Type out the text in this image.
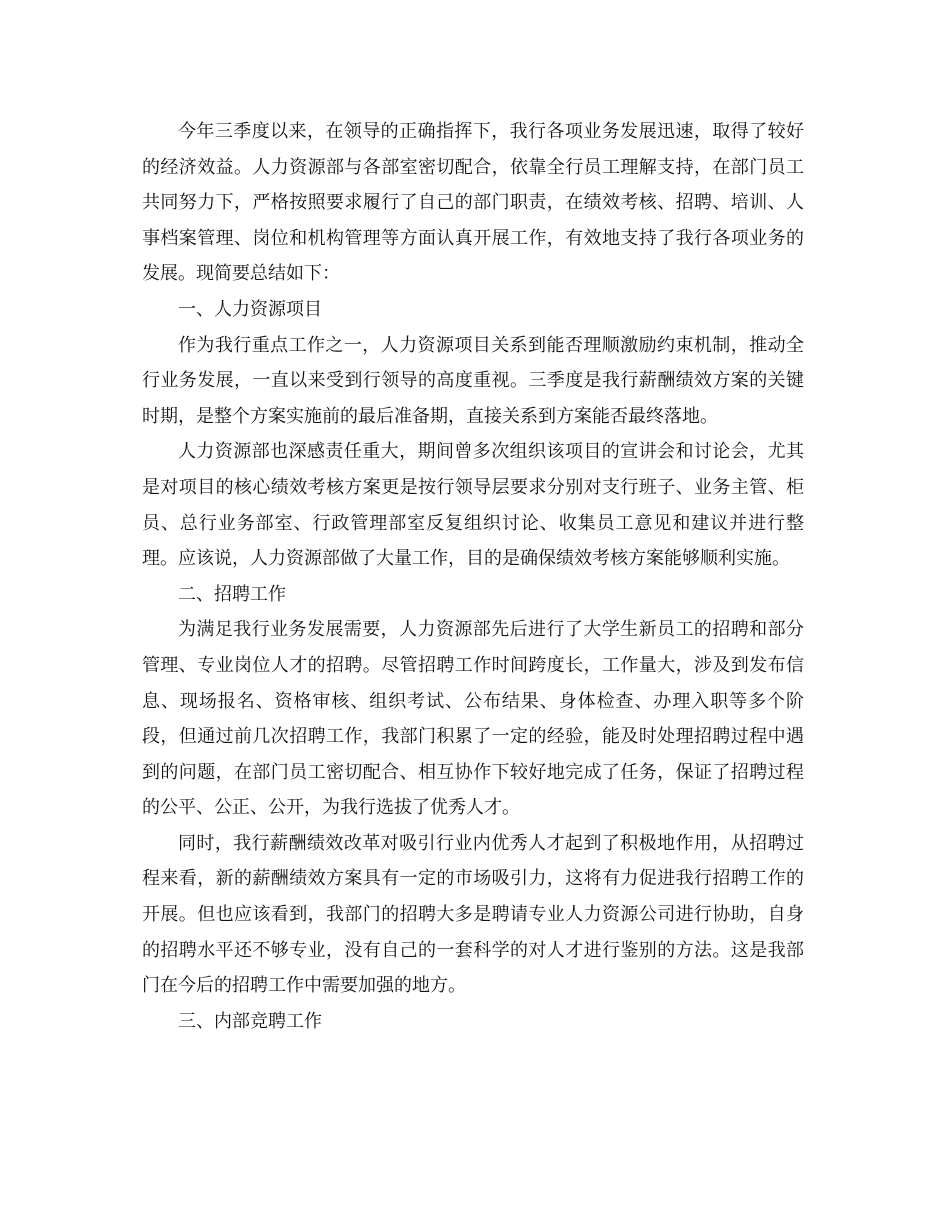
今年三季度以来，在领导的正确指挥下，我行各项业务发展迅速，取得了较好的经济效益。人力资源部与各部室密切配合，依靠全行员工理解支持，在部门员工共同努力下，严格按照要求履行了自己的部门职责，在绩效考核、招聘、培训、人事档案管理、岗位和机构管理等方面认真开展工作，有效地支持了我行各项业务的发展。现简要总结如下：

一、人力资源项目

作为我行重点工作之一，人力资源项目关系到能否理顺激励约束机制，推动全行业务发展，一直以来受到行领导的高度重视。三季度是我行薪酬绩效方案的关键时期，是整个方案实施前的最后准备期，直接关系到方案能否最终落地。

人力资源部也深感责任重大，期间曾多次组织该项目的宣讲会和讨论会，尤其是对项目的核心绩效考核方案更是按行领导层要求分别对支行班子、业务主管、柜员、总行业务部室、行政管理部室反复组织讨论、收集员工意见和建议并进行整理。应该说，人力资源部做了大量工作，目的是确保绩效考核方案能够顺利实施。

二、招聘工作

为满足我行业务发展需要，人力资源部先后进行了大学生新员工的招聘和部分管理、专业岗位人才的招聘。尽管招聘工作时间跨度长，工作量大，涉及到发布信息、现场报名、资格审核、组织考试、公布结果、身体检查、办理入职等多个阶段，但通过前几次招聘工作，我部门积累了一定的经验，能及时处理招聘过程中遇到的问题，在部门员工密切配合、相互协作下较好地完成了任务，保证了招聘过程的公平、公正、公开，为我行选拔了优秀人才。

同时，我行薪酬绩效改革对吸引行业内优秀人才起到了积极地作用，从招聘过程来看，新的薪酬绩效方案具有一定的市场吸引力，这将有力促进我行招聘工作的开展。但也应该看到，我部门的招聘大多是聘请专业人力资源公司进行协助，自身的招聘水平还不够专业，没有自己的一套科学的对人才进行鉴别的方法。这是我部门在今后的招聘工作中需要加强的地方。

三、内部竞聘工作
